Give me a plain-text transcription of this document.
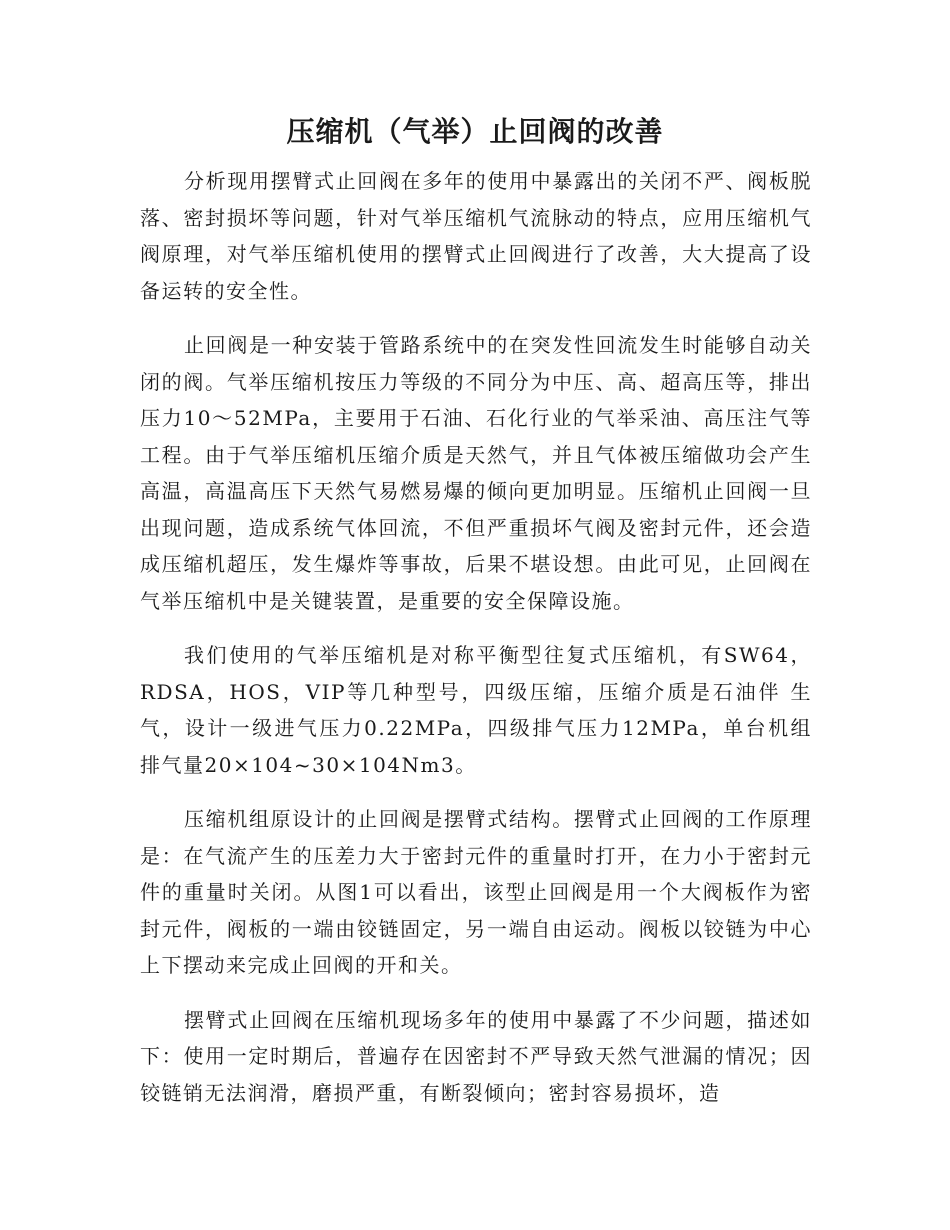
压缩机（气举）止回阀的改善

分析现用摆臂式止回阀在多年的使用中暴露出的关闭不严、阀板脱落、密封损坏等问题，针对气举压缩机气流脉动的特点，应用压缩机气阀原理，对气举压缩机使用的摆臂式止回阀进行了改善，大大提高了设备运转的安全性。

止回阀是一种安装于管路系统中的在突发性回流发生时能够自动关闭的阀。气举压缩机按压力等级的不同分为中压、高、超高压等，排出压力10～52MPa，主要用于石油、石化行业的气举采油、高压注气等工程。由于气举压缩机压缩介质是天然气，并且气体被压缩做功会产生高温，高温高压下天然气易燃易爆的倾向更加明显。压缩机止回阀一旦出现问题，造成系统气体回流，不但严重损坏气阀及密封元件，还会造成压缩机超压，发生爆炸等事故，后果不堪设想。由此可见，止回阀在气举压缩机中是关键装置，是重要的安全保障设施。

我们使用的气举压缩机是对称平衡型往复式压缩机，有SW64，RDSA，HOS，VIP等几种型号，四级压缩，压缩介质是石油伴 生气，设计一级进气压力0.22MPa，四级排气压力12MPa，单台机组排气量20×104~30×104Nm3。

压缩机组原设计的止回阀是摆臂式结构。摆臂式止回阀的工作原理是：在气流产生的压差力大于密封元件的重量时打开，在力小于密封元件的重量时关闭。从图1可以看出，该型止回阀是用一个大阀板作为密封元件，阀板的一端由铰链固定，另一端自由运动。阀板以铰链为中心上下摆动来完成止回阀的开和关。

摆臂式止回阀在压缩机现场多年的使用中暴露了不少问题，描述如下：使用一定时期后，普遍存在因密封不严导致天然气泄漏的情况；因铰链销无法润滑，磨损严重，有断裂倾向；密封容易损坏，造
